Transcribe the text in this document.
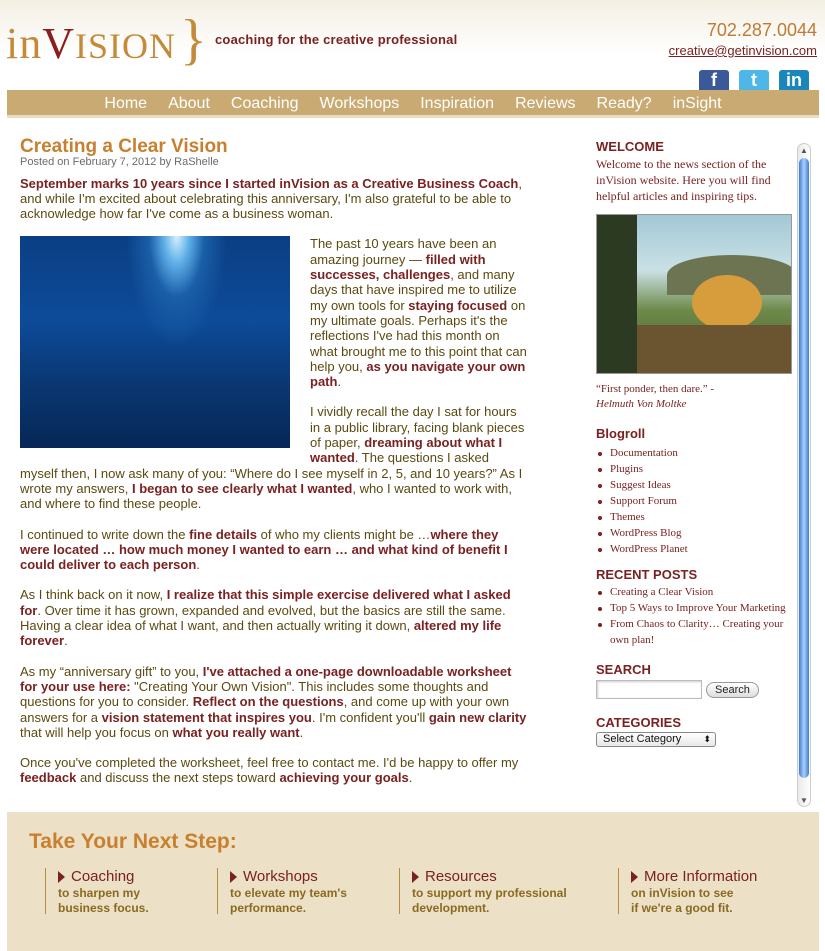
inVISION } coaching for the creative professional	702.287.0044
creative@getinvision.com
f	t	in
Home	About	Coaching	Workshops	Inspiration	Reviews	Ready?	inSight
Creating a Clear Vision
Posted on February 7, 2012 by RaShelle

September marks 10 years since I started inVision as a Creative Business Coach, and while I'm excited about celebrating this anniversary, I'm also grateful to be able to acknowledge how far I've come as a business woman.

The past 10 years have been an amazing journey — filled with successes, challenges, and many days that have inspired me to utilize my own tools for staying focused on my ultimate goals. Perhaps it's the reflections I've had this month on what brought me to this point that can help you, as you navigate your own path.

I vividly recall the day I sat for hours in a public library, facing blank pieces of paper, dreaming about what I wanted. The questions I asked myself then, I now ask many of you: “Where do I see myself in 2, 5, and 10 years?” As I wrote my answers, I began to see clearly what I wanted, who I wanted to work with, and where to find these people.

I continued to write down the fine details of who my clients might be …where they were located … how much money I wanted to earn … and what kind of benefit I could deliver to each person.

As I think back on it now, I realize that this simple exercise delivered what I asked for. Over time it has grown, expanded and evolved, but the basics are still the same. Having a clear idea of what I want, and then actually writing it down, altered my life forever.

As my “anniversary gift” to you, I've attached a one-page downloadable worksheet for your use here: "Creating Your Own Vision". This includes some thoughts and questions for you to consider. Reflect on the questions, and come up with your own answers for a vision statement that inspires you. I'm confident you'll gain new clarity that will help you focus on what you really want.

Once you've completed the worksheet, feel free to contact me. I'd be happy to offer my feedback and discuss the next steps toward achieving your goals.

WELCOME
Welcome to the news section of the inVision website. Here you will find helpful articles and inspiring tips.
“First ponder, then dare.” -
Helmuth Von Moltke
Blogroll
Documentation
Plugins
Suggest Ideas
Support Forum
Themes
WordPress Blog
WordPress Planet
RECENT POSTS
Creating a Clear Vision
Top 5 Ways to Improve Your Marketing
From Chaos to Clarity… Creating your own plan!
SEARCH
Search
CATEGORIES
Select Category ⬍
▲
▼
Take Your Next Step:
Coaching
to sharpen my
business focus.
Workshops
to elevate my team's
performance.
Resources
to support my professional
development.
More Information
on inVision to see
if we're a good fit.
